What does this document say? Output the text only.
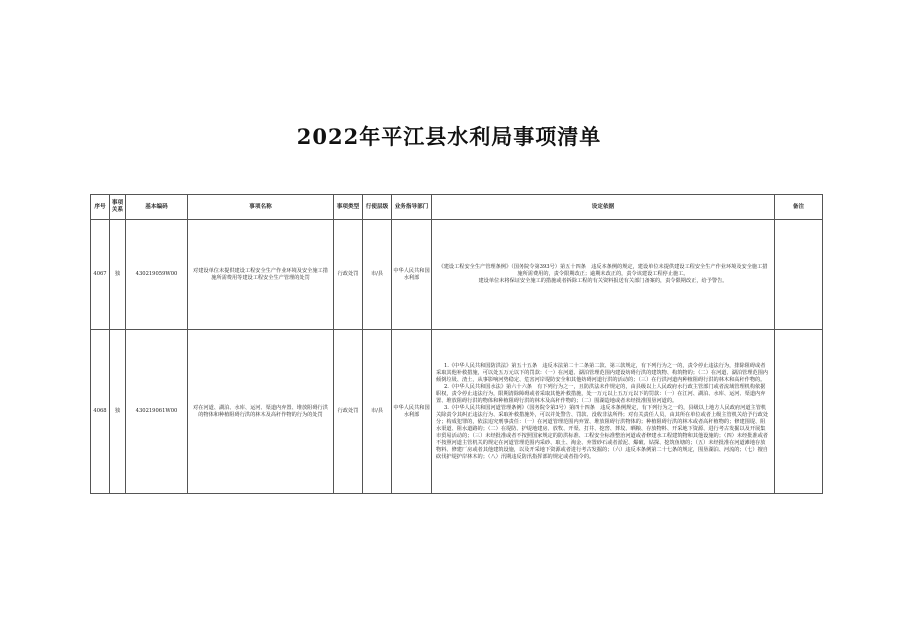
2022年平江县水利局事项清单
序号	事项关系	基本编码	事项名称	事项类型	行使层级	业务指导部门	设定依据	备注
4067	独	430219059W00	对建设单位未提供建设工程安全生产作业环境及安全施工措施所需费用等建设工程安全生产管理的处罚	行政处罚	市/县	中华人民共和国水利部	《建设工程安全生产管理条例》（国务院令第393号）第五十四条　违反本条例的规定，建设单位未提供建设工程安全生产作业环境及安全施工措施所需费用的，责令限期改正；逾期未改正的，责令该建设工程停止施工。
建设单位未将保证安全施工的措施或者拆除工程的有关资料报送有关部门备案的，责令限期改正，给予警告。	

4068	独	430219061W00	对在河道、湖泊、水库、运河、渠道内弃置、堆放阻碍行洪的物体和种植阻碍行洪的林木及高秆作物的行为的处罚	行政处罚	市/县	中华人民共和国水利部	1.《中华人民共和国防洪法》第五十五条　违反本法第二十二条第二款、第三款规定，有下列行为之一的，责令停止违法行为，排除阻碍或者采取其他补救措施，可以处五万元以下的罚款：（一）在河道、湖泊管理范围内建设妨碍行洪的建筑物、构筑物的；（二）在河道、湖泊管理范围内倾倒垃圾、渣土，从事影响河势稳定、危害河岸堤防安全和其他妨碍河道行洪的活动的；（三）在行洪河道内种植阻碍行洪的林木和高秆作物的。
2.《中华人民共和国水法》第六十六条　有下列行为之一，且防洪法未作规定的，由县级以上人民政府水行政主管部门或者流域管理机构依据职权，责令停止违法行为，限期清除障碍或者采取其他补救措施，处一万元以上五万元以下的罚款：（一）在江河、湖泊、水库、运河、渠道内弃置、堆放阻碍行洪的物体和种植阻碍行洪的林木及高秆作物的；（二）围湖造地或者未经批准围垦河道的。
3.《中华人民共和国河道管理条例》（国务院令第3号）第四十四条　违反本条例规定，有下列行为之一的，县级以上地方人民政府河道主管机关除责令其纠正违法行为、采取补救措施外，可以并处警告、罚款、没收非法所得；对有关责任人员，由其所在单位或者上级主管机关给予行政处分；构成犯罪的，依法追究刑事责任：（一）在河道管理范围内弃置、堆放阻碍行洪物体的；种植阻碍行洪的林木或者高秆植物的；修建围堤、阻水渠道、阻水道路的；（二）在堤防、护堤地建房、放牧、开渠、打井、挖窖、葬坟、晒粮、存放物料、开采地下资源、进行考古发掘以及开展集市贸易活动的；（三）未经批准或者不按照国家规定的防洪标准、工程安全标准整治河道或者修建水工程建筑物和其他设施的；（四）未经批准或者不按照河道主管机关的规定在河道管理范围内采砂、取土、淘金、弃置砂石或者淤泥、爆破、钻探、挖筑鱼塘的；（五）未经批准在河道滩地存放物料、修建厂房或者其他建筑设施，以及开采地下资源或者进行考古发掘的；（六）违反本条例第二十七条的规定，围垦湖泊、河流的；（七）擅自砍伐护堤护岸林木的；（八）汛期违反防汛指挥部的规定或者指令的。	
